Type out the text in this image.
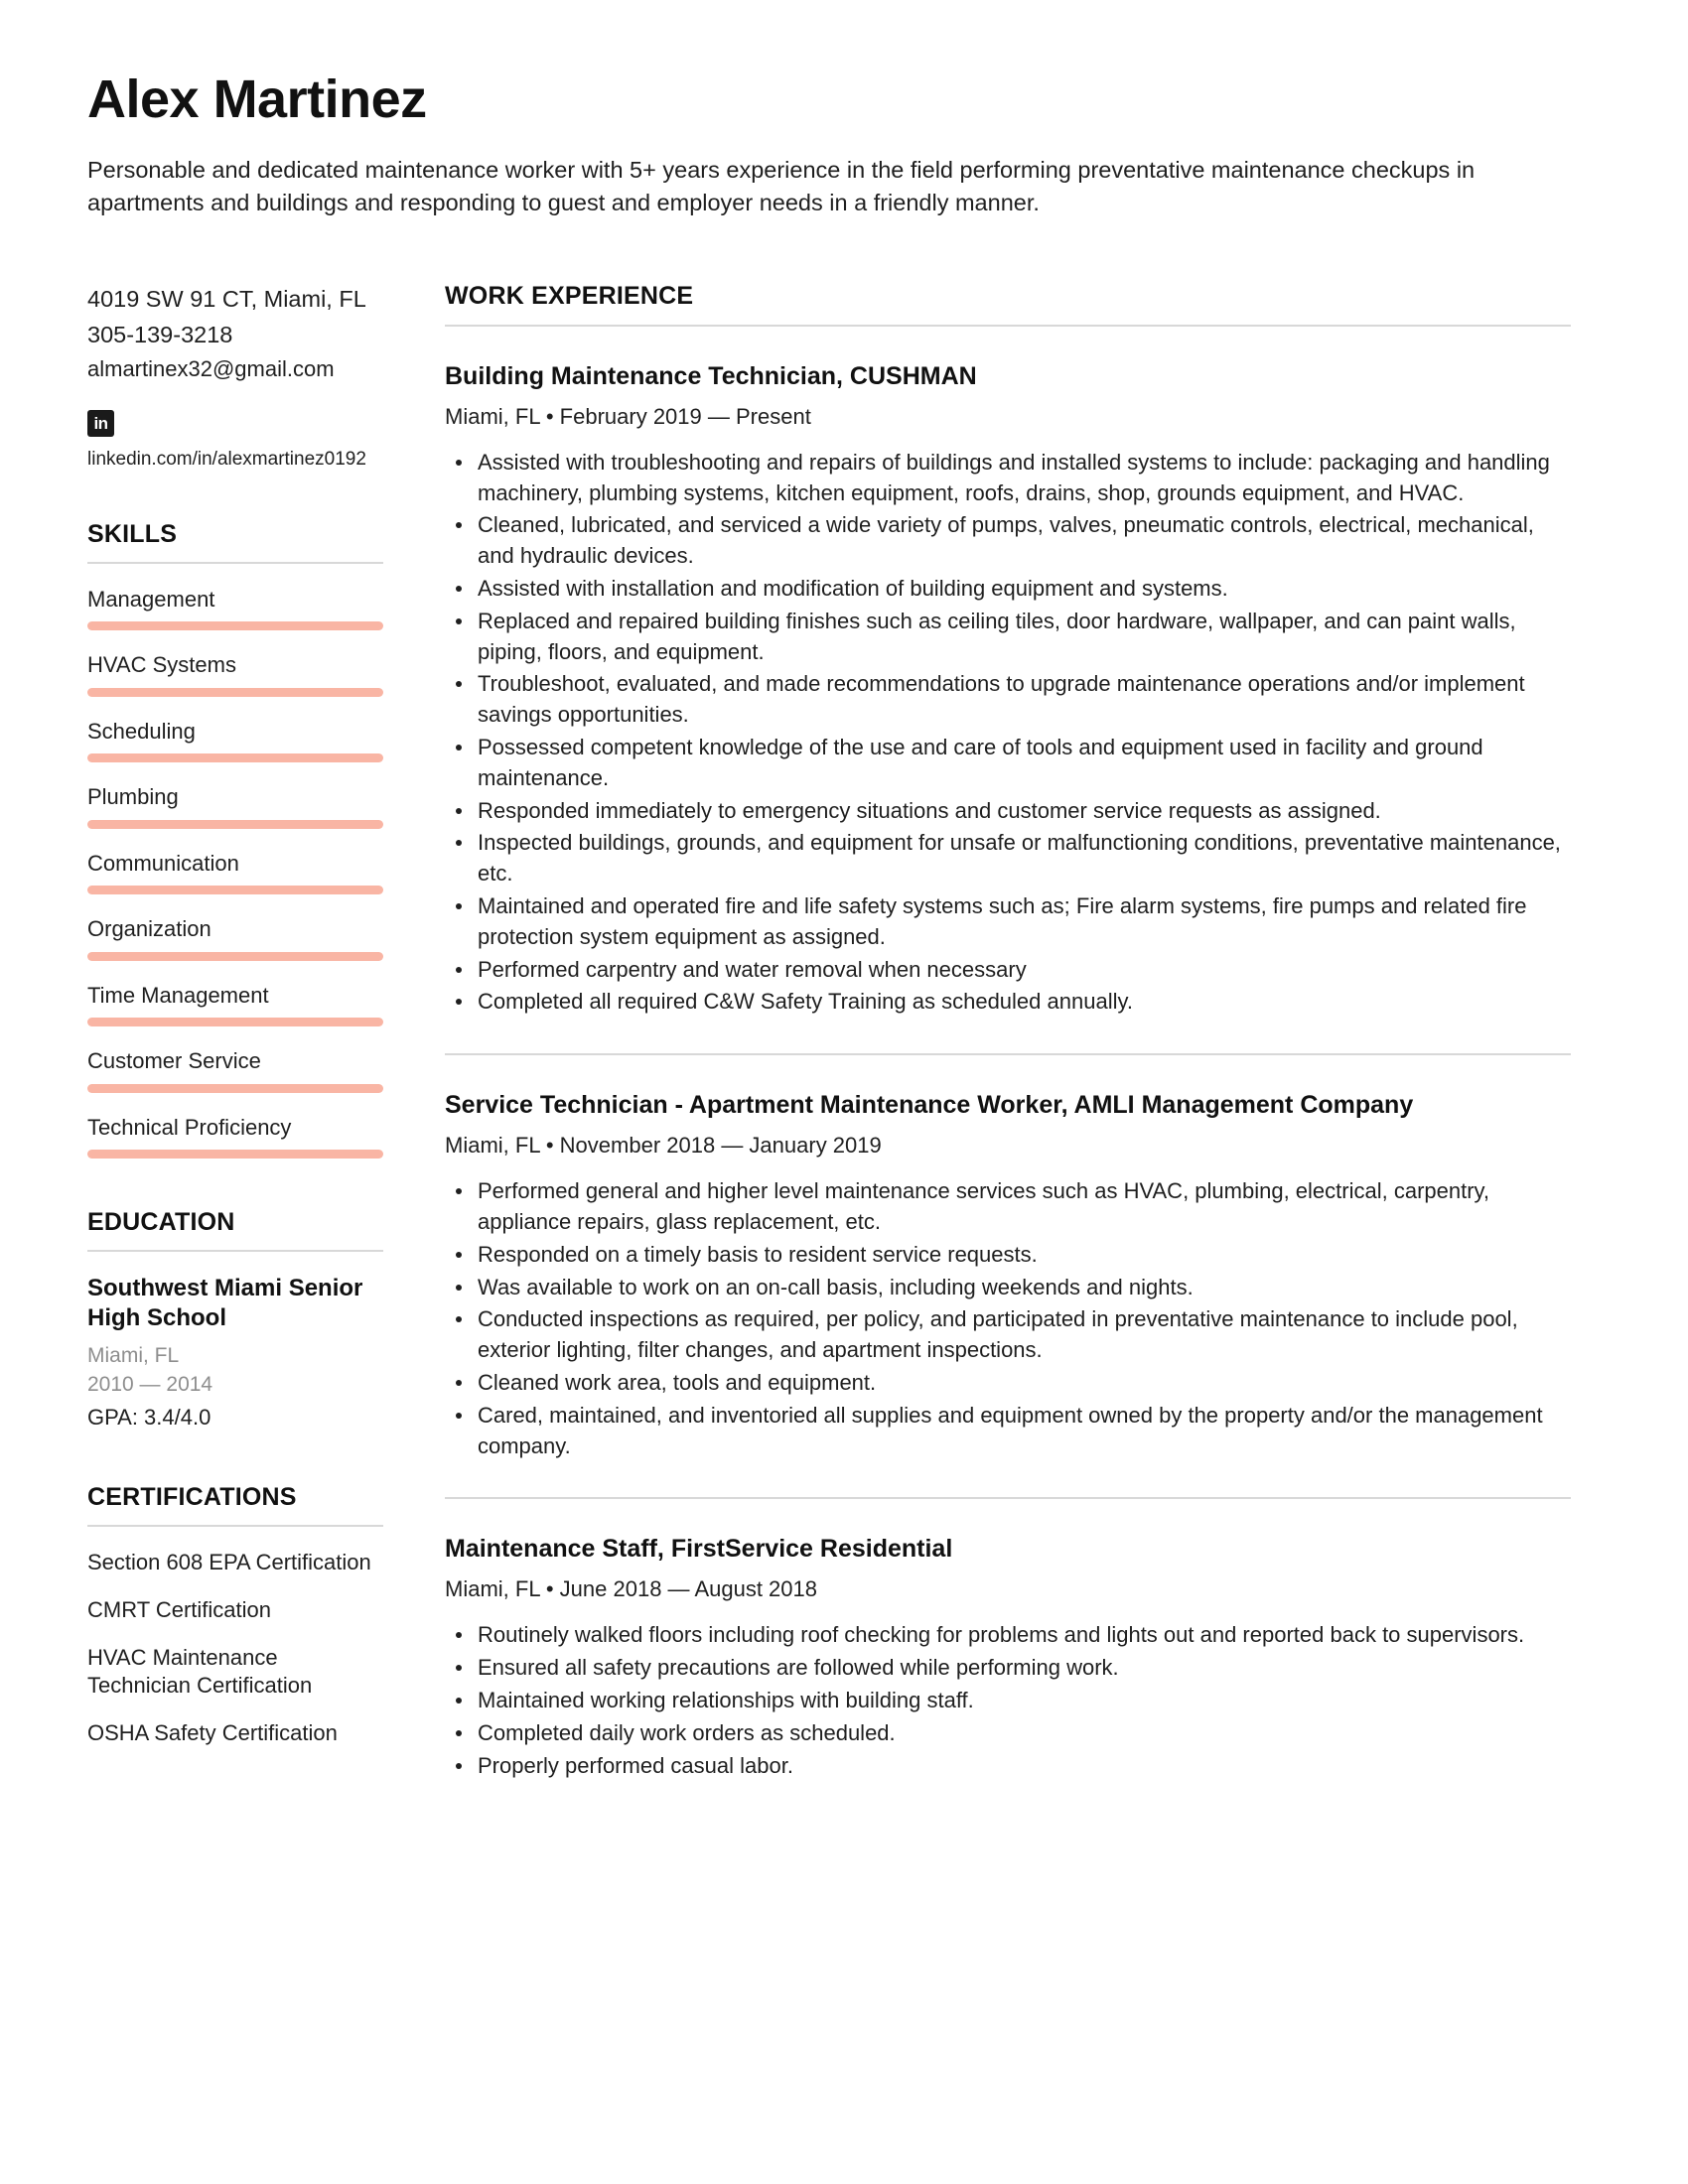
Alex Martinez

Personable and dedicated maintenance worker with 5+ years experience in the field performing preventative maintenance checkups in apartments and buildings and responding to guest and employer needs in a friendly manner.

4019 SW 91 CT, Miami, FL
305-139-3218
almartinex32@gmail.com
in
linkedin.com/in/alexmartinez0192
SKILLS
Management
HVAC Systems
Scheduling
Plumbing
Communication
Organization
Time Management
Customer Service
Technical Proficiency
EDUCATION
Southwest Miami Senior High School
Miami, FL
2010 — 2014
GPA: 3.4/4.0
CERTIFICATIONS
Section 608 EPA Certification
CMRT Certification
HVAC Maintenance Technician Certification
OSHA Safety Certification
WORK EXPERIENCE
Building Maintenance Technician, CUSHMAN
Miami, FL • February 2019 — Present
Assisted with troubleshooting and repairs of buildings and installed systems to include: packaging and handling machinery, plumbing systems, kitchen equipment, roofs, drains, shop, grounds equipment, and HVAC.
Cleaned, lubricated, and serviced a wide variety of pumps, valves, pneumatic controls, electrical, mechanical, and hydraulic devices.
Assisted with installation and modification of building equipment and systems.
Replaced and repaired building finishes such as ceiling tiles, door hardware, wallpaper, and can paint walls, piping, floors, and equipment.
Troubleshoot, evaluated, and made recommendations to upgrade maintenance operations and/or implement savings opportunities.
Possessed competent knowledge of the use and care of tools and equipment used in facility and ground maintenance.
Responded immediately to emergency situations and customer service requests as assigned.
Inspected buildings, grounds, and equipment for unsafe or malfunctioning conditions, preventative maintenance, etc.
Maintained and operated fire and life safety systems such as; Fire alarm systems, fire pumps and related fire protection system equipment as assigned.
Performed carpentry and water removal when necessary
Completed all required C&W Safety Training as scheduled annually.
Service Technician - Apartment Maintenance Worker, AMLI Management Company
Miami, FL • November 2018 — January 2019
Performed general and higher level maintenance services such as HVAC, plumbing, electrical, carpentry, appliance repairs, glass replacement, etc.
Responded on a timely basis to resident service requests.
Was available to work on an on-call basis, including weekends and nights.
Conducted inspections as required, per policy, and participated in preventative maintenance to include pool, exterior lighting, filter changes, and apartment inspections.
Cleaned work area, tools and equipment.
Cared, maintained, and inventoried all supplies and equipment owned by the property and/or the management company.
Maintenance Staff, FirstService Residential
Miami, FL • June 2018 — August 2018
Routinely walked floors including roof checking for problems and lights out and reported back to supervisors.
Ensured all safety precautions are followed while performing work.
Maintained working relationships with building staff.
Completed daily work orders as scheduled.
Properly performed casual labor.
